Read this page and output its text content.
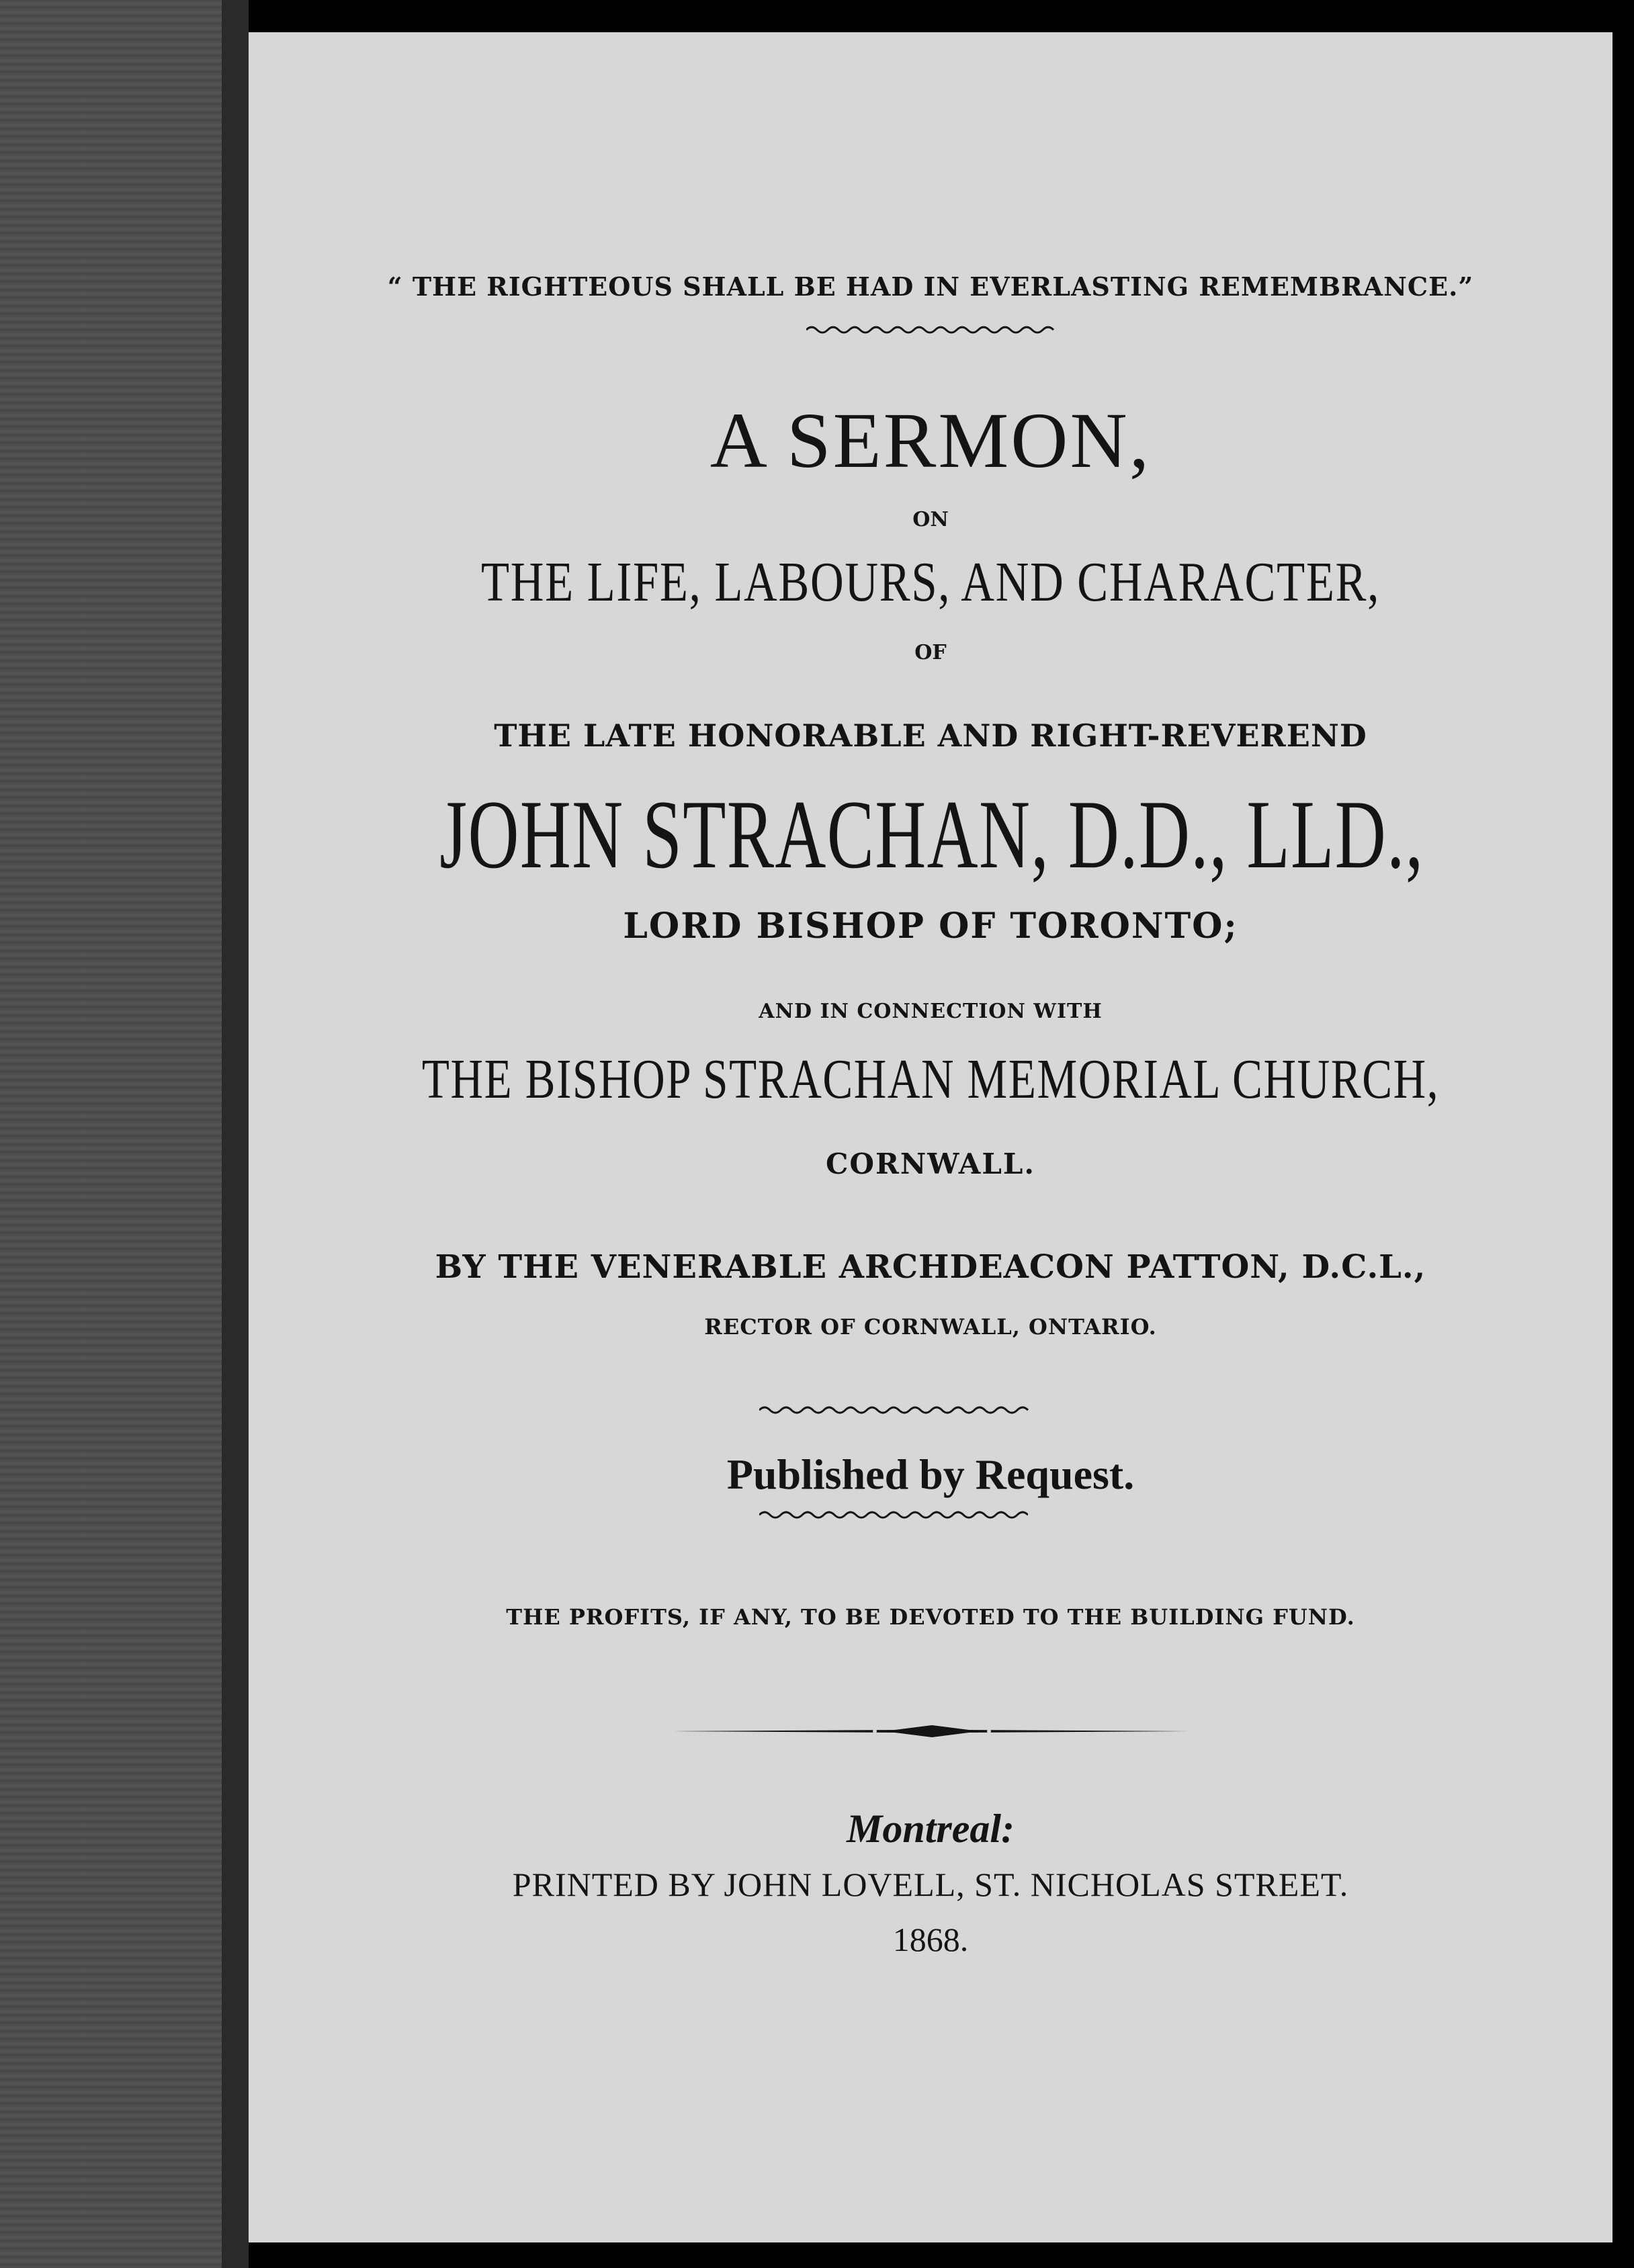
“ THE RIGHTEOUS SHALL BE HAD IN EVERLASTING REMEMBRANCE.”
A SERMON,
ON
THE LIFE, LABOURS, AND CHARACTER,
OF
THE LATE HONORABLE AND RIGHT-REVEREND
JOHN STRACHAN, D.D., LLD.,
LORD BISHOP OF TORONTO;
AND IN CONNECTION WITH
THE BISHOP STRACHAN MEMORIAL CHURCH,
CORNWALL.
BY THE VENERABLE ARCHDEACON PATTON, D.C.L.,
RECTOR OF CORNWALL, ONTARIO.
Published by Request.
THE PROFITS, IF ANY, TO BE DEVOTED TO THE BUILDING FUND.
Montreal:
PRINTED BY JOHN LOVELL, ST. NICHOLAS STREET.
1868.
